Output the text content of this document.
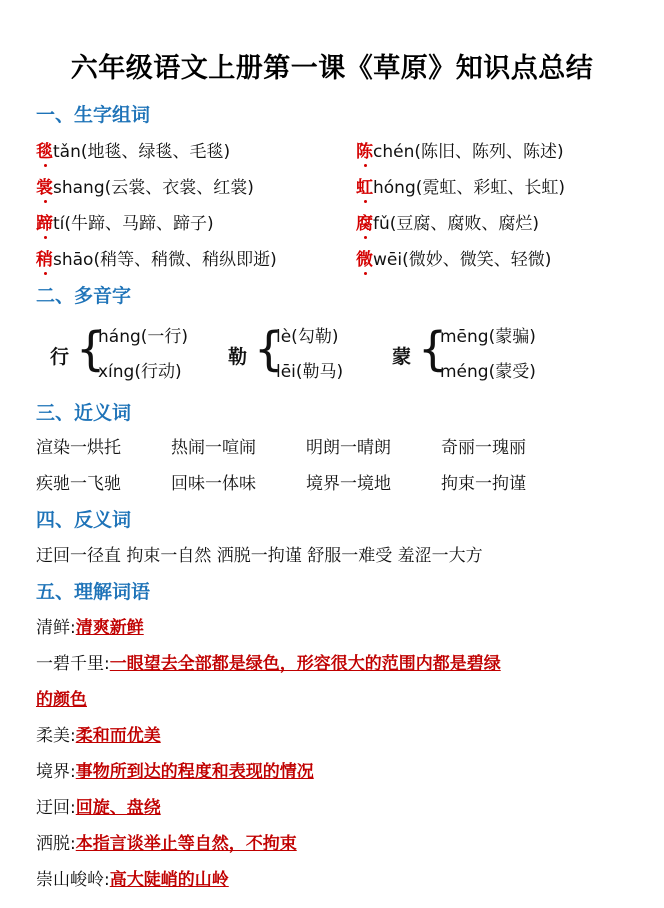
六年级语文上册第一课《草原》知识点总结
一、生字组词
毯tǎn(地毯、绿毯、毛毯)	陈chén(陈旧、陈列、陈述)
裳shang(云裳、衣裳、红裳)	虹hóng(霓虹、彩虹、长虹)
蹄tí(牛蹄、马蹄、蹄子)	腐fǔ(豆腐、腐败、腐烂)
稍shāo(稍等、稍微、稍纵即逝)	微wēi(微妙、微笑、轻微)
二、多音字
行 {
háng(一行)
xíng(行动)
勒 {
lè(勾勒)
lēi(勒马)
蒙 {
mēng(蒙骗)
méng(蒙受)
三、近义词
渲染一烘托	热闹一喧闹	明朗一晴朗	奇丽一瑰丽
疾驰一飞驰	回味一体味	境界一境地	拘束一拘谨
四、反义词
迂回一径直 拘束一自然 洒脱一拘谨 舒服一难受 羞涩一大方
五、理解词语
清鲜:清爽新鲜
一碧千里:一眼望去全部都是绿色，形容很大的范围内都是碧绿
的颜色
柔美:柔和而优美
境界:事物所到达的程度和表现的情况
迂回:回旋、盘绕
洒脱:本指言谈举止等自然，不拘束
崇山峻岭:高大陡峭的山岭
